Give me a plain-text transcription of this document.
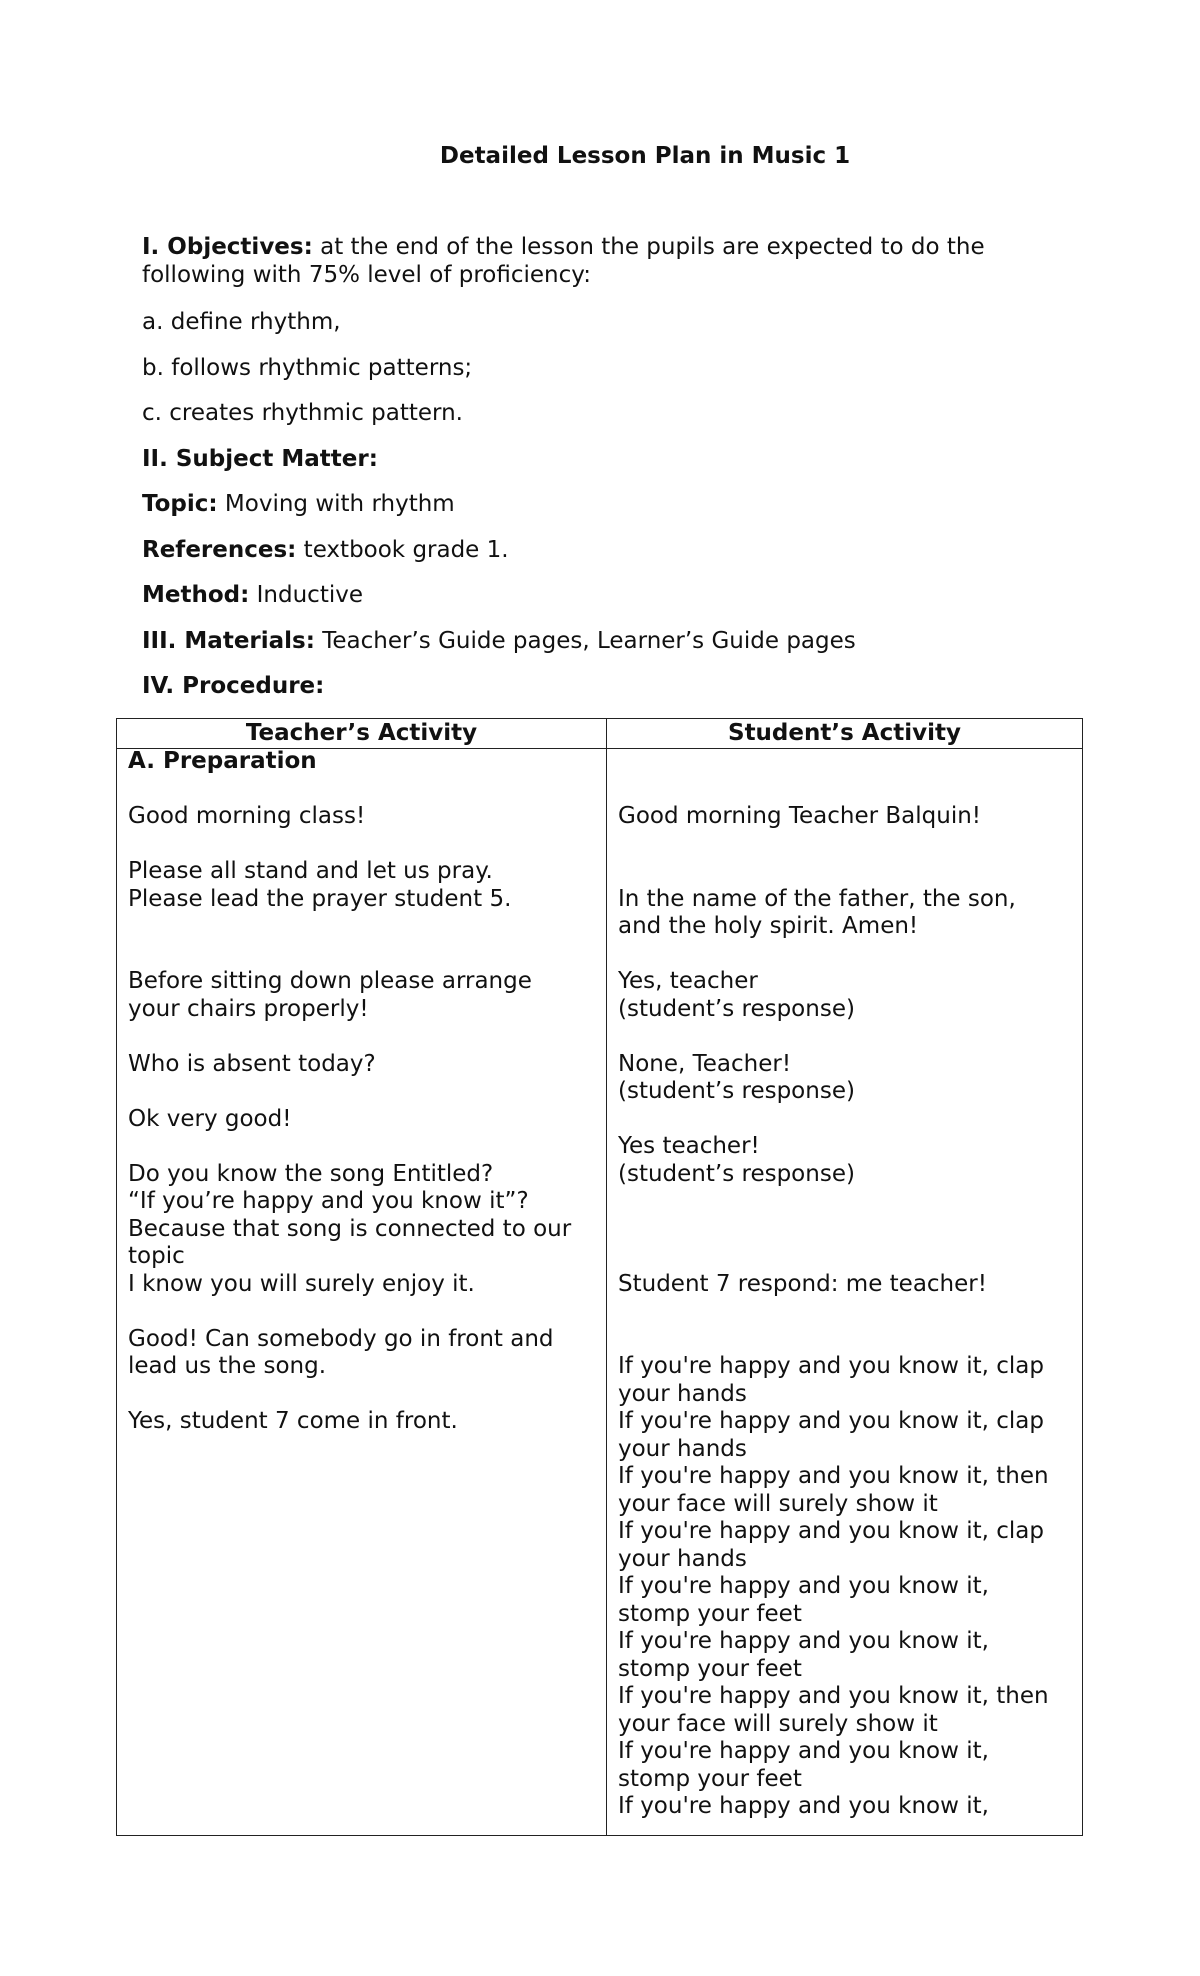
Detailed Lesson Plan in Music 1
I. Objectives: at the end of the lesson the pupils are expected to do the following with 75% level of proficiency:
a. define rhythm,
b. follows rhythmic patterns;
c. creates rhythmic pattern.
II. Subject Matter:
Topic: Moving with rhythm
References: textbook grade 1.
Method: Inductive
III. Materials: Teacher’s Guide pages, Learner’s Guide pages
IV. Procedure:
Teacher’s Activity	Student’s Activity
A. Preparation
Good morning class!
Please all stand and let us pray.
Please lead the prayer student 5.
Before sitting down please arrange
your chairs properly!
Who is absent today?
Ok very good!
Do you know the song Entitled?
“If you’re happy and you know it”?
Because that song is connected to our
topic
I know you will surely enjoy it.
Good! Can somebody go in front and
lead us the song.
Yes, student 7 come in front.
Good morning Teacher Balquin!
In the name of the father, the son,
and the holy spirit. Amen!
Yes, teacher
(student’s response)
None, Teacher!
(student’s response)
Yes teacher!
(student’s response)
Student 7 respond: me teacher!
If you're happy and you know it, clap
your hands
If you're happy and you know it, clap
your hands
If you're happy and you know it, then
your face will surely show it
If you're happy and you know it, clap
your hands
If you're happy and you know it,
stomp your feet
If you're happy and you know it,
stomp your feet
If you're happy and you know it, then
your face will surely show it
If you're happy and you know it,
stomp your feet
If you're happy and you know it,
